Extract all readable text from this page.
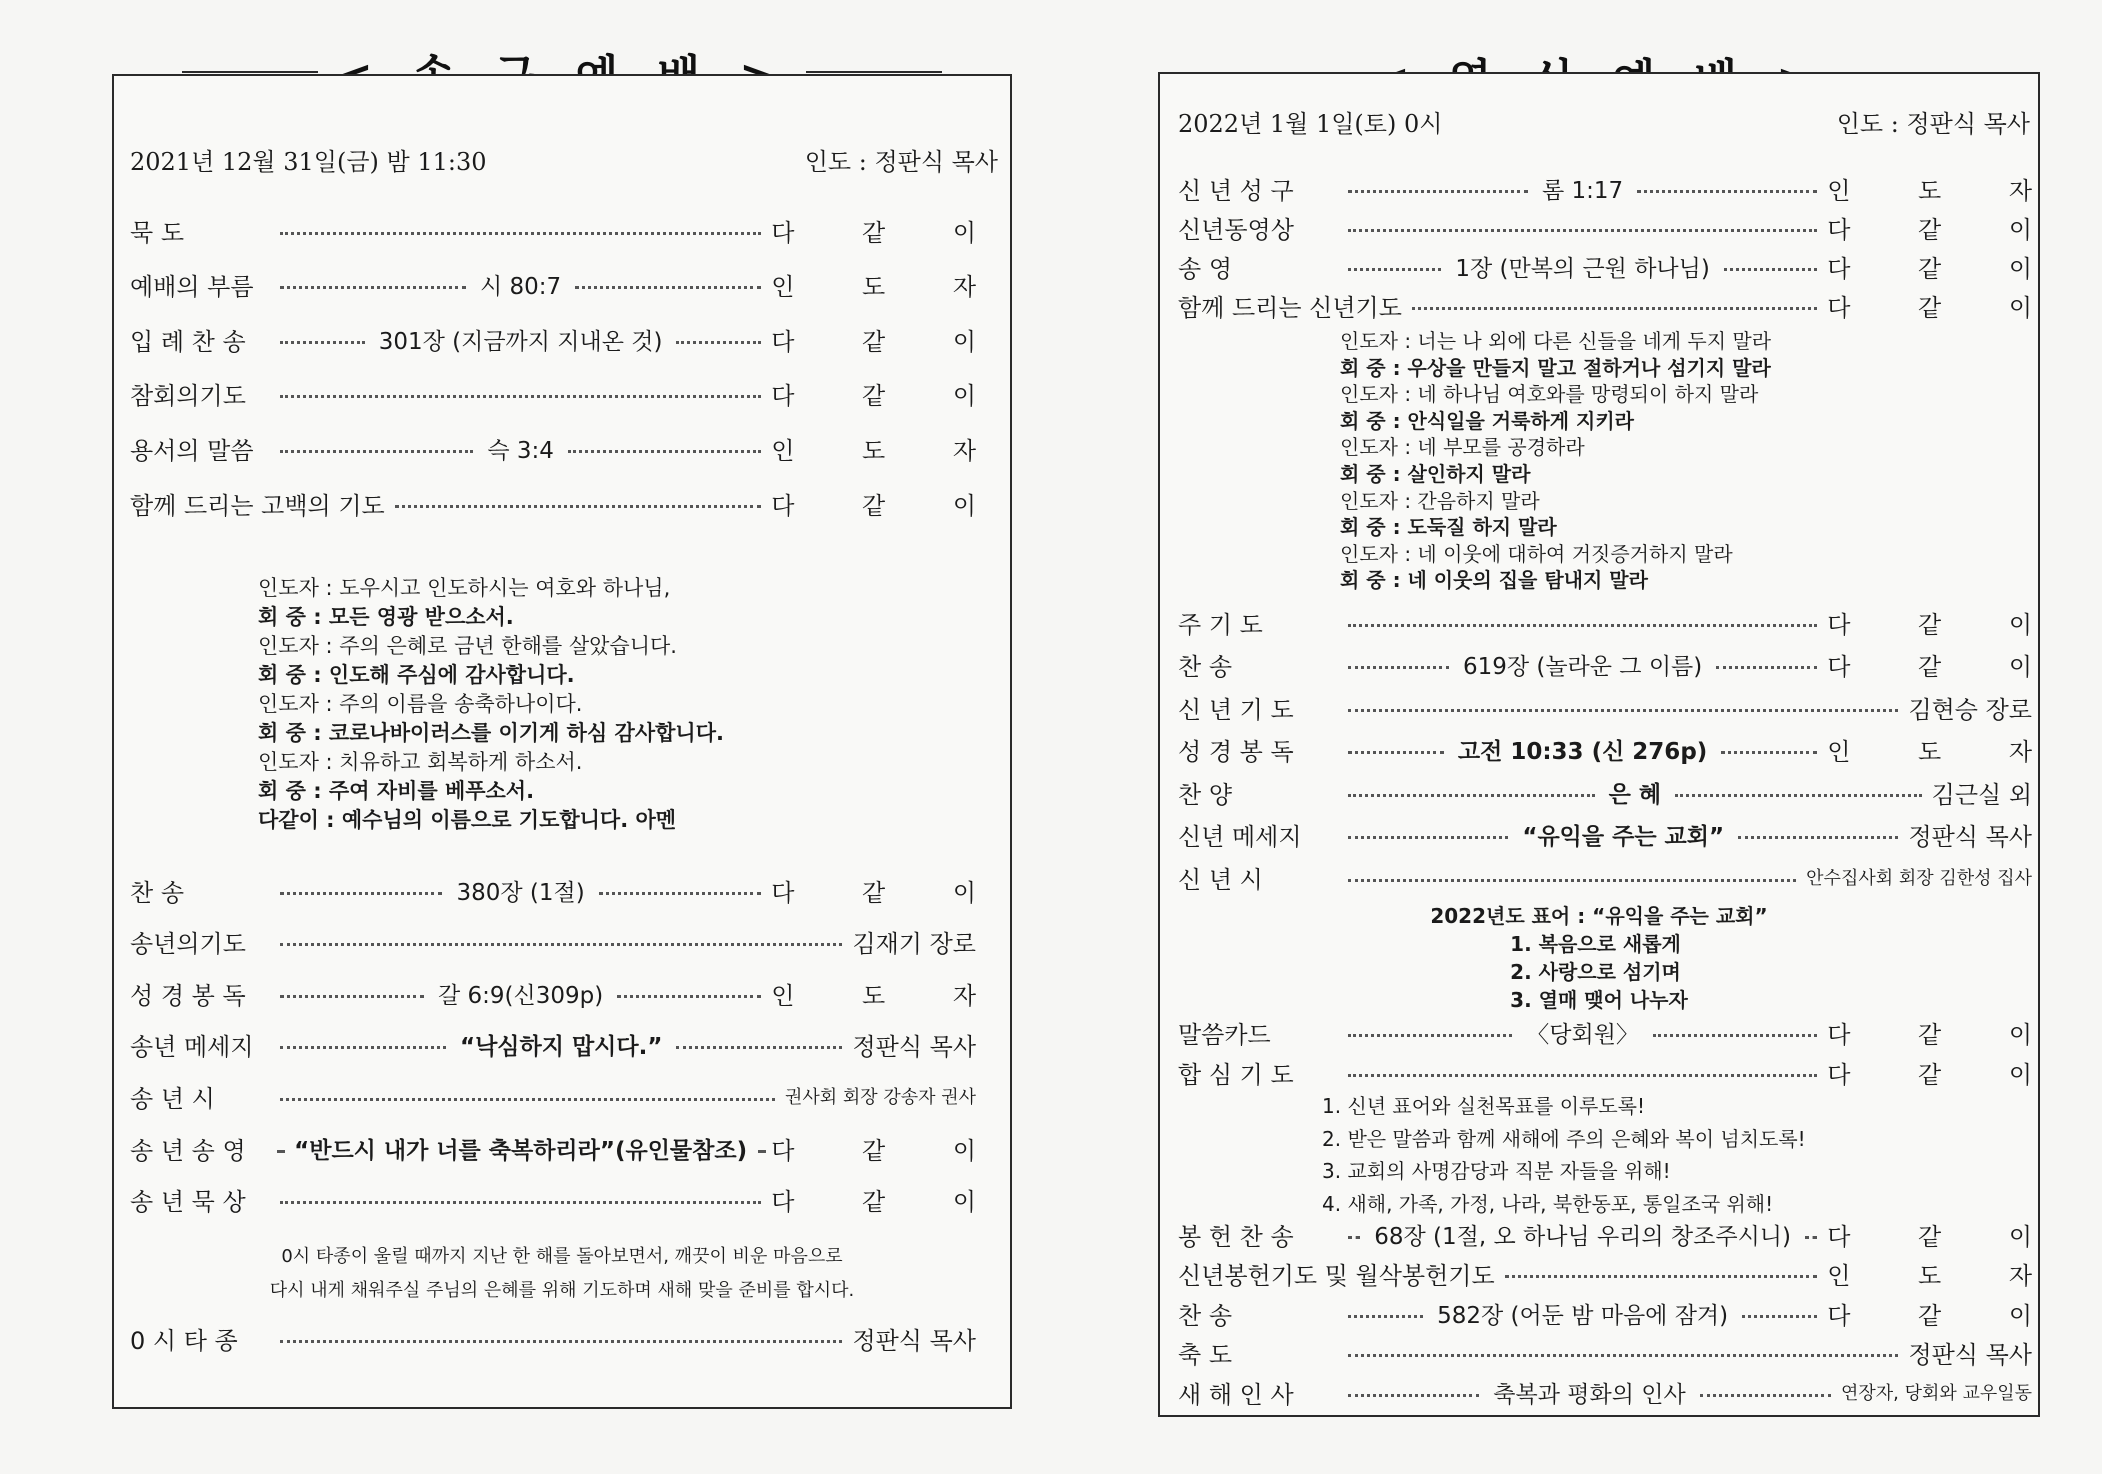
2021년 12월 31일(금) 밤 11:30	인도 : 정판식 목사
묵 도	다 같 이
예배의 부름	시 80:7	인 도 자
입 례 찬 송	301장 (지금까지 지내온 것)	다 같 이
참회의기도	다 같 이
용서의 말씀	슥 3:4	인 도 자
함께 드리는 고백의 기도	다 같 이
인도자 : 도우시고 인도하시는 여호와 하나님,
회 중 : 모든 영광 받으소서.
인도자 : 주의 은혜로 금년 한해를 살았습니다.
회 중 : 인도해 주심에 감사합니다.
인도자 : 주의 이름을 송축하나이다.
회 중 : 코로나바이러스를 이기게 하심 감사합니다.
인도자 : 치유하고 회복하게 하소서.
회 중 : 주여 자비를 베푸소서.
다같이 : 예수님의 이름으로 기도합니다. 아멘
찬 송	380장 (1절)	다 같 이
송년의기도	김재기 장로
성 경 봉 독	갈 6:9(신309p)	인 도 자
송년 메세지	“낙심하지 맙시다.”	정판식 목사
송 년 시	권사회 회장 강송자 권사
송 년 송 영	“반드시 내가 너를 축복하리라”(유인물참조) 다 같 이
송 년 묵 상	다 같 이
0시 타종이 울릴 때까지 지난 한 해를 돌아보면서, 깨끗이 비운 마음으로
다시 내게 채워주실 주님의 은혜를 위해 기도하며 새해 맞을 준비를 합시다.
0 시 타 종	정판식 목사
2022년 1월 1일(토) 0시	인도 : 정판식 목사
신 년 성 구	롬 1:17	인 도 자
신년동영상	다 같 이
송 영	1장 (만복의 근원 하나님)	다 같 이
함께 드리는 신년기도	다 같 이
인도자 : 너는 나 외에 다른 신들을 네게 두지 말라
회 중 : 우상을 만들지 말고 절하거나 섬기지 말라
인도자 : 네 하나님 여호와를 망령되이 하지 말라
회 중 : 안식일을 거룩하게 지키라
인도자 : 네 부모를 공경하라
회 중 : 살인하지 말라
인도자 : 간음하지 말라
회 중 : 도둑질 하지 말라
인도자 : 네 이웃에 대하여 거짓증거하지 말라
회 중 : 네 이웃의 집을 탐내지 말라
주 기 도	다 같 이
찬 송	619장 (놀라운 그 이름)	다 같 이
신 년 기 도	김현승 장로
성 경 봉 독	고전 10:33 (신 276p)	인 도 자
찬 양	은 혜	김근실 외
신년 메세지	“유익을 주는 교회”	정판식 목사
신 년 시	안수집사회 회장 김한성 집사
2022년도 표어 : “유익을 주는 교회”
1. 복음으로 새롭게
2. 사랑으로 섬기며
3. 열매 맺어 나누자
말씀카드	〈당회원〉	다 같 이
합 심 기 도	다 같 이
1. 신년 표어와 실천목표를 이루도록!
2. 받은 말씀과 함께 새해에 주의 은혜와 복이 넘치도록!
3. 교회의 사명감당과 직분 자들을 위해!
4. 새해, 가족, 가정, 나라, 북한동포, 통일조국 위해!
봉 헌 찬 송	68장 (1절, 오 하나님 우리의 창조주시니) 다 같 이
신년봉헌기도 및 월삭봉헌기도	인 도 자
찬 송	582장 (어둔 밤 마음에 잠겨)	다 같 이
축 도	정판식 목사
새 해 인 사	축복과 평화의 인사	연장자, 당회와 교우일동
